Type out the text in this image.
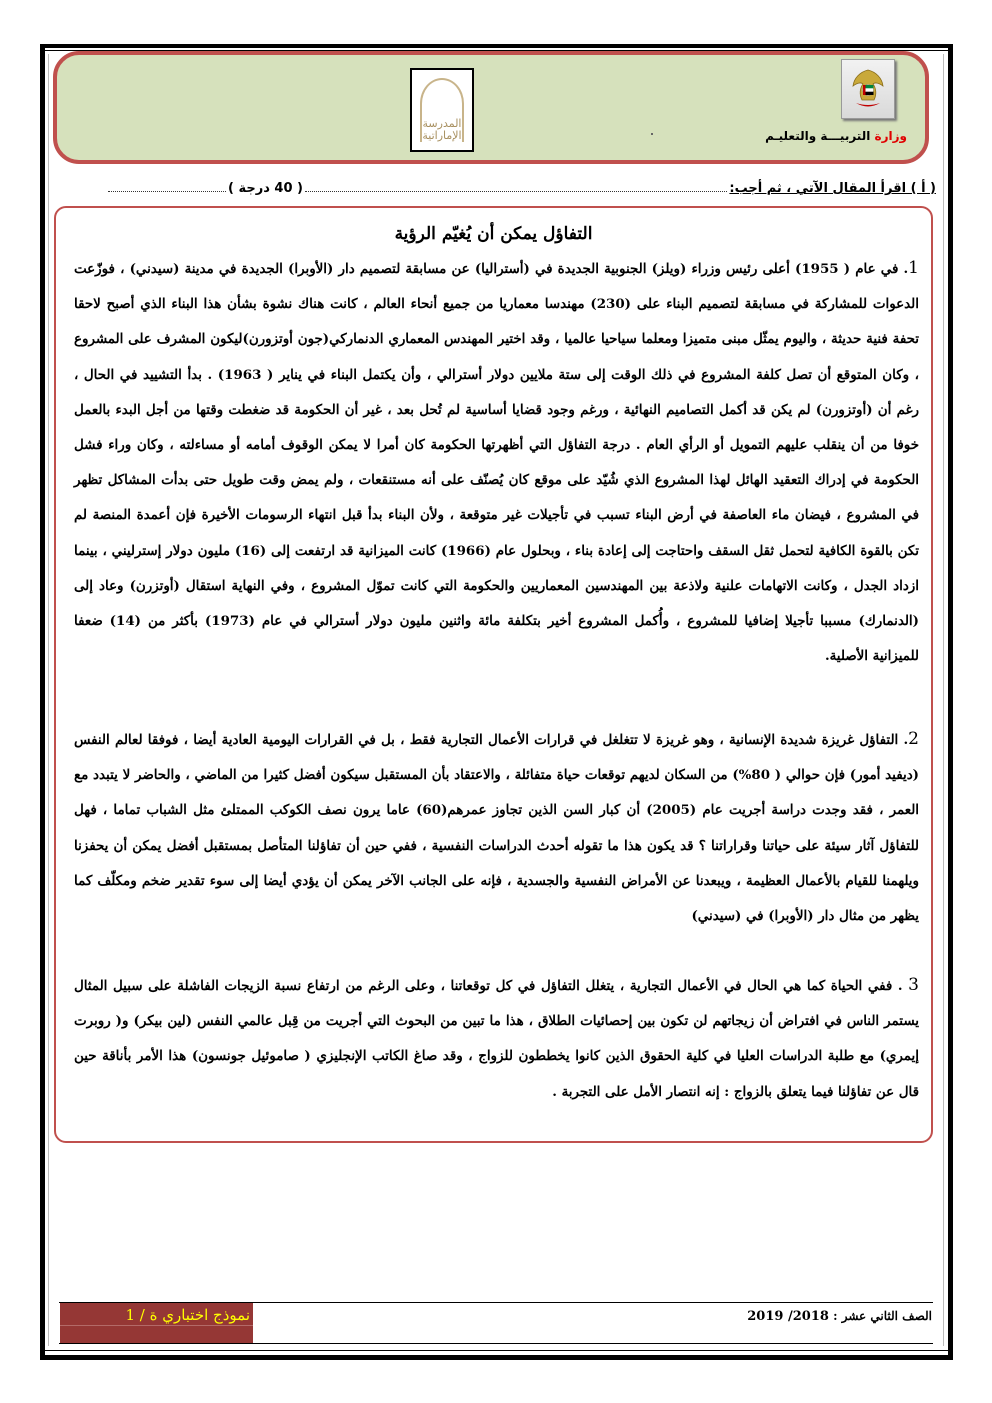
وزارة التربيـــة والتعليـم
المدرسة
الإماراتية
( أ ) اقرأ المقال الآتي ، ثم أجب:
( 40 درجة )
التفاؤل يمكن أن يُغيّم الرؤية
1. في عام ( 1955) أعلى رئيس وزراء (ويلز) الجنوبية الجديدة في (أستراليا) عن مسابقة لتصميم دار (الأوبرا) الجديدة في مدينة (سيدني) ، فوزّعت الدعوات للمشاركة في مسابقة لتصميم البناء على (230) مهندسا معماريا من جميع أنحاء العالم ، كانت هناك نشوة بشأن هذا البناء الذي أصبح لاحقا تحفة فنية حديثة ، واليوم يمثّل مبنى متميزا ومعلما سياحيا عالميا ، وقد اختير المهندس المعماري الدنماركي(جون أوتزورن)ليكون المشرف على المشروع ، وكان المتوقع أن تصل كلفة المشروع في ذلك الوقت إلى ستة ملايين دولار أسترالي ، وأن يكتمل البناء في يناير ( 1963) . بدأ التشييد في الحال ، رغم أن (أوتزورن) لم يكن قد أكمل التصاميم النهائية ، ورغم وجود قضايا أساسية لم تُحل بعد ، غير أن الحكومة قد ضغطت وقتها من أجل البدء بالعمل خوفا من أن ينقلب عليهم التمويل أو الرأي العام . درجة التفاؤل التي أظهرتها الحكومة كان أمرا لا يمكن الوقوف أمامه أو مساءلته ، وكان وراء فشل الحكومة في إدراك التعقيد الهائل لهذا المشروع الذي شُيّد على موقع كان يُصنّف على أنه مستنقعات ، ولم يمض وقت طويل حتى بدأت المشاكل تظهر في المشروع ، فيضان ماء العاصفة في أرض البناء تسبب في تأجيلات غير متوقعة ، ولأن البناء بدأ قبل انتهاء الرسومات الأخيرة فإن أعمدة المنصة لم تكن بالقوة الكافية لتحمل ثقل السقف واحتاجت إلى إعادة بناء ، وبحلول عام (1966) كانت الميزانية قد ارتفعت إلى (16) مليون دولار إسترليني ، بينما ازداد الجدل ، وكانت الاتهامات علنية ولاذعة بين المهندسين المعماريين والحكومة التي كانت تموّل المشروع ، وفي النهاية استقال (أوتزرن) وعاد إلى (الدنمارك) مسببا تأجيلا إضافيا للمشروع ، وأُكمل المشروع أخير بتكلفة مائة واثنين مليون دولار أسترالي في عام (1973) بأكثر من (14) ضعفا للميزانية الأصلية.
2. التفاؤل غريزة شديدة الإنسانية ، وهو غريزة لا تتغلغل في قرارات الأعمال التجارية فقط ، بل في القرارات اليومية العادية أيضا ، فوفقا لعالم النفس (ديفيد أمور) فإن حوالي ( 80%) من السكان لديهم توقعات حياة متفائلة ، والاعتقاد بأن المستقبل سيكون أفضل كثيرا من الماضي ، والحاضر لا يتبدد مع العمر ، فقد وجدت دراسة أجريت عام (2005) أن كبار السن الذين تجاوز عمرهم(60) عاما يرون نصف الكوكب الممتلئ مثل الشباب تماما ، فهل للتفاؤل آثار سيئة على حياتنا وقراراتنا ؟ قد يكون هذا ما تقوله أحدث الدراسات النفسية ، ففي حين أن تفاؤلنا المتأصل بمستقبل أفضل يمكن أن يحفزنا ويلهمنا للقيام بالأعمال العظيمة ، ويبعدنا عن الأمراض النفسية والجسدية ، فإنه على الجانب الآخر يمكن أن يؤدي أيضا إلى سوء تقدير ضخم ومكلّف كما يظهر من مثال دار (الأوبرا) في (سيدني)
3 . ففي الحياة كما هي الحال في الأعمال التجارية ، يتغلل التفاؤل في كل توقعاتنا ، وعلى الرغم من ارتفاع نسبة الزيجات الفاشلة على سبيل المثال يستمر الناس في افتراض أن زيجاتهم لن تكون بين إحصائيات الطلاق ، هذا ما تبين من البحوث التي أجريت من قِبل عالمي النفس (لين بيكر) و( روبرت إيمري) مع طلبة الدراسات العليا في كلية الحقوق الذين كانوا يخططون للزواج ، وقد صاغ الكاتب الإنجليزي ( صاموئيل جونسون) هذا الأمر بأناقة حين قال عن تفاؤلنا فيما يتعلق بالزواج : إنه انتصار الأمل على التجربة .
نموذج اختباري ة / 1	الصف الثاني عشر : 2018/ 2019
